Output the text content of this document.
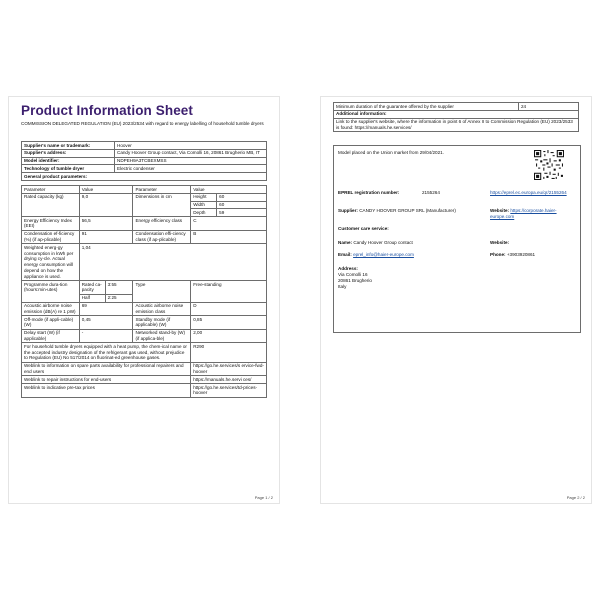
Product Information Sheet
COMMISSION DELEGATED REGULATION (EU) 2023/2534 with regard to energy labelling of household tumble dryers
Supplier's name or trademark:	Hoover
Supplier's address:	Candy Hoover Group contact, Via Comolli 16, 20861 Brugherio MB, IT
Model identifier:	NDPEH9A3TCBEXMSS
Technology of tumble dryer	Electric condenser
General product parameters:	
Parameter	Value		Parameter	Value	
Rated capacity (kg)	9,0		Dimensions in cm	Height	60
				Width	60
				Depth	59
Energy Efficiency Index (EEI)	56,5		Energy efficiency class	C	
Condensation ef-ficiency (%) (if ap-plicable)	91		Condensation effi-ciency class (if ap-plicable)	B	
Weighted energ-gy consumption in kWh per drying cy-cle. Actual energy consumption will depend on how the appliance is used.	1,04				
Programme dura-tion (hours:min-utes)	Rated ca-pacity	3:55	Type	Free-standing	
	Half	2:25			
Acoustic airborne noise emission (dB(A) re 1 pW)	69		Acoustic airborne noise emission class	D	
Off-mode (if appli-cable) (W)	0,45		Standby mode (if applicable) (W)	0,85	
Delay start (W) (if applicable)	-		Networked stand-by (W) (if applica-ble)	2,00	
For household tumble dryers equipped with a heat pump, the chem-ical name or the accepted industry designation of the refrigerant gas used, without prejudice to Regulation (EU) No 517/2014 on fluorinat-ed greenhouse gases.				R290	
Weblink to information on spare parts availability for professional repairers and end users				https://go.he.services/s ervice-fwd-hoover	
Weblink to repair instructions for end-users				https://manuals.he.servi ces/	
Weblink to indicative pre-tax prices				https://go.he.services/td-prices-hoover	
Page 1 / 2
Minimum duration of the guarantee offered by the supplier	24
Additional information:
Link to the supplier's website, where the information in point 6 of Annex II to Commission Regulation (EU) 2023/2533 is found: https://manuals.he.services/
Model placed on the Union market from 29/04/2021.
EPREL registration number:	2155264	https://eprel.ec.europa.eu/qr/2155264
Supplier: CANDY HOOVER GROUP SRL (Manufacturer)	Website: https://corporate.haier-europe.com
Customer care service:
Name: Candy Hoover Group contact	Website:
Email: eprel_info@haier-europe.com	Phone: +3903920861
Address:
Via Comolli 16
20861 Brugherio
Italy
Page 2 / 2
